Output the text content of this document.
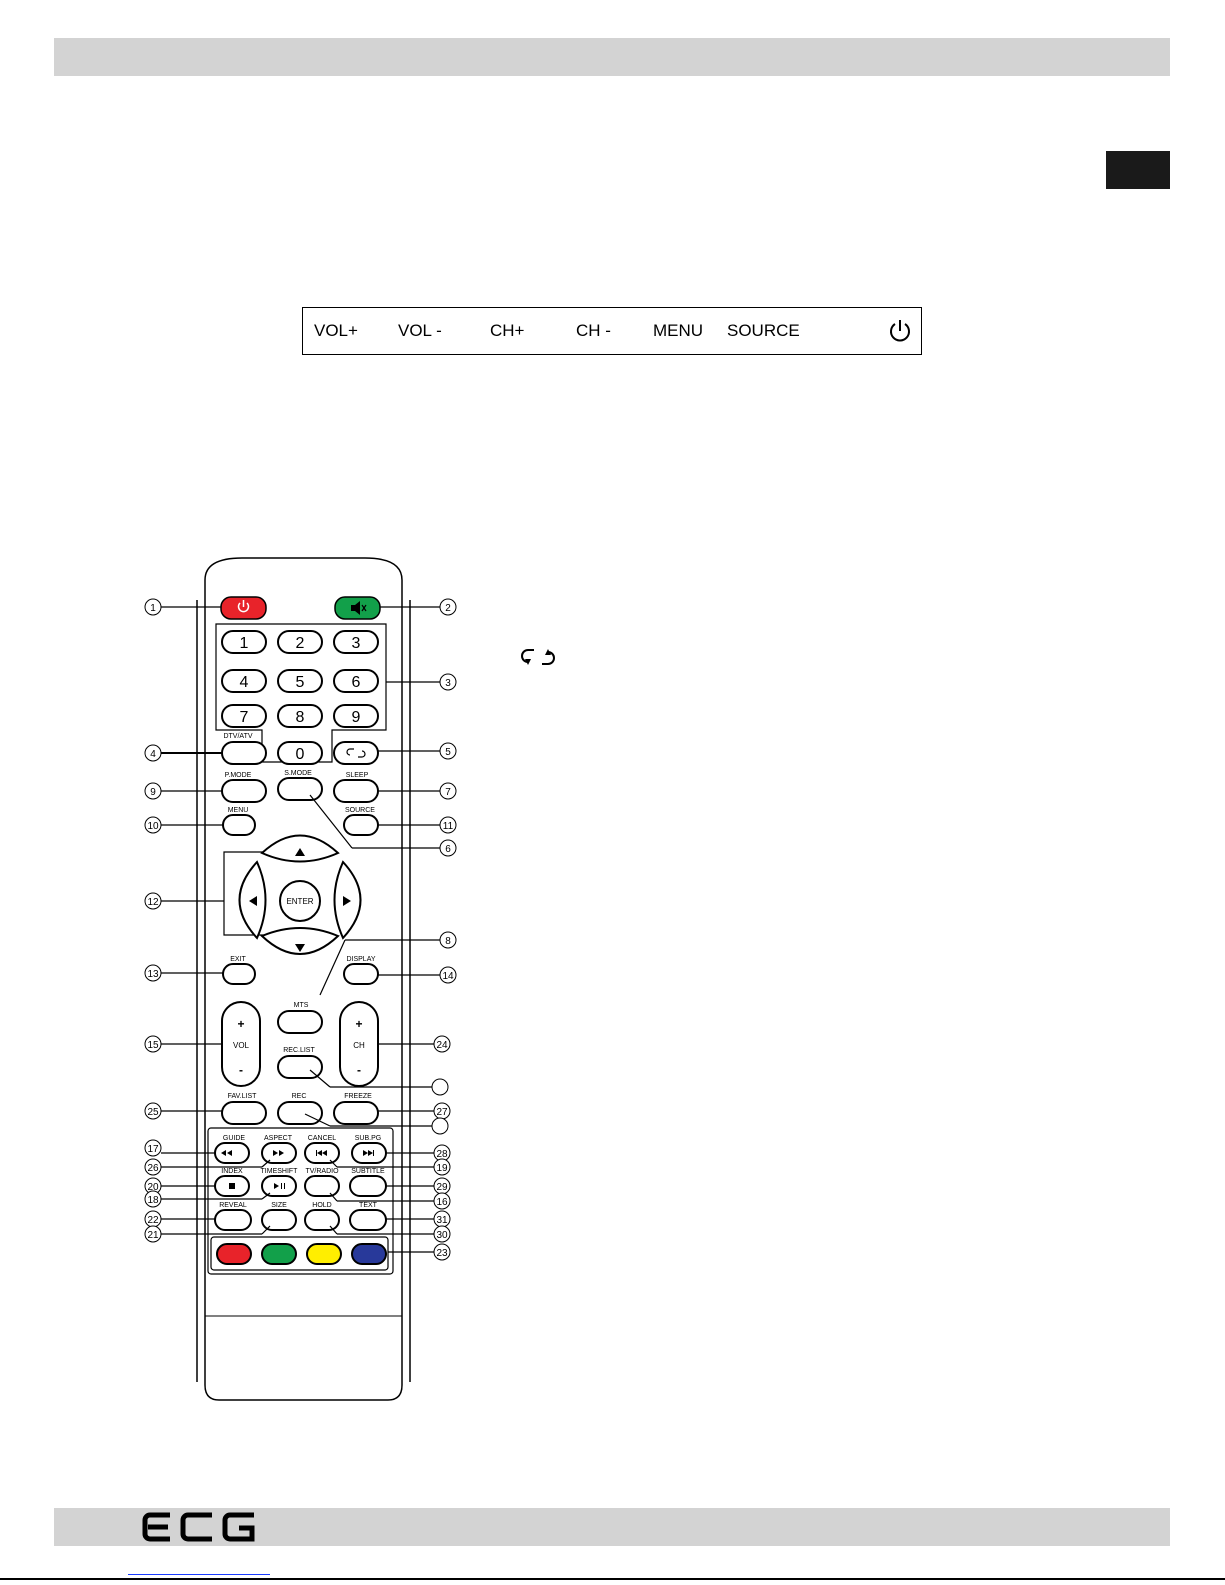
VOL+ VOL -	CH+	CH - MENU SOURCE
1	2	3
4	5	6
7	8	9
0
DTV/ATV
P.MODE	S.MODE	SLEEP
MENU	SOURCE
EXIT	DISPLAY
MTS
REC.LIST
FAV.LIST	REC	FREEZE
GUIDE	ASPECT CANCEL	SUB.PG
INDEX	TIMESHIFT TV/RADIO SUBTITLE
REVEAL	SIZE	HOLD	TEXT
ENTER
VOL	CH
+
-
+
-
1	2
3
4	5
9	7
10	11
6
12
8
13	14
15	24
25	27
17	28
26	19
20	29
18	16
22	31
21	30
23
